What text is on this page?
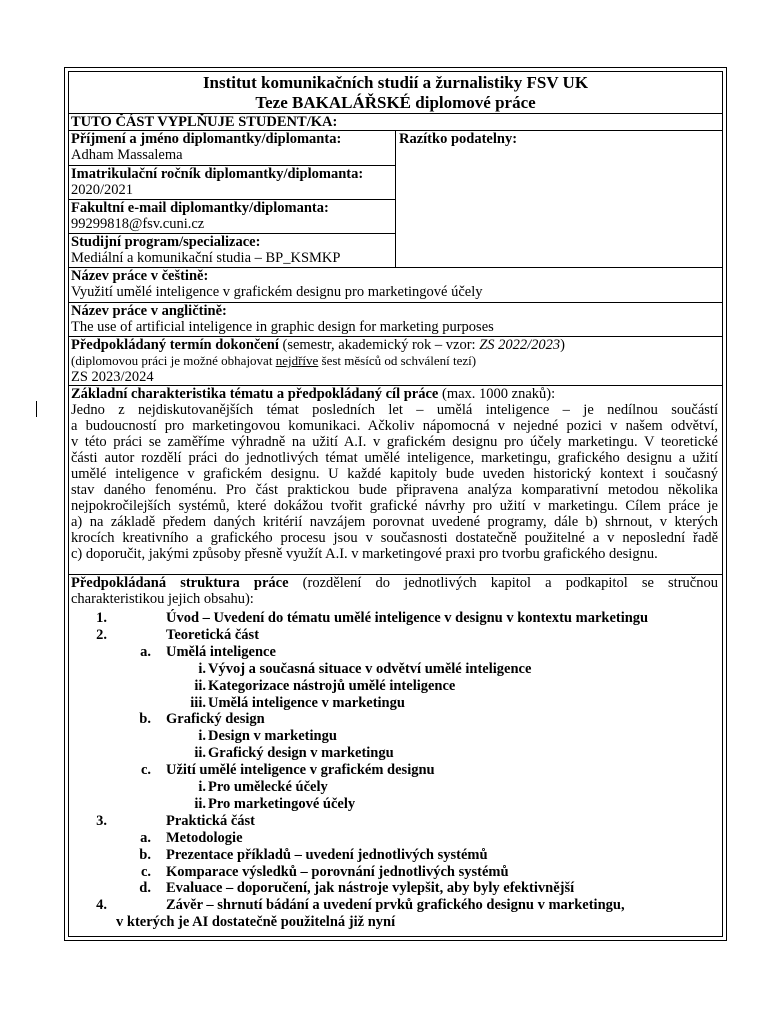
Institut komunikačních studií a žurnalistiky FSV UK
Teze BAKALÁŘSKÉ diplomové práce
TUTO ČÁST VYPLŇUJE STUDENT/KA:
Příjmení a jméno diplomantky/diplomanta:
Adham Massalema
Imatrikulační ročník diplomantky/diplomanta:
2020/2021
Fakultní e-mail diplomantky/diplomanta:
99299818@fsv.cuni.cz
Studijní program/specializace:
Mediální a komunikační studia – BP_KSMKP
Razítko podatelny:
Název práce v češtině:
Využití umělé inteligence v grafickém designu pro marketingové účely
Název práce v angličtině:
The use of artificial inteligence in graphic design for marketing purposes
Předpokládaný termín dokončení (semestr, akademický rok – vzor: ZS 2022/2023)
(diplomovou práci je možné obhajovat nejdříve šest měsíců od schválení tezí)
ZS 2023/2024
Základní charakteristika tématu a předpokládaný cíl práce (max. 1000 znaků):
Jedno z nejdiskutovanějších témat posledních let – umělá inteligence – je nedílnou součástí
a budoucností pro marketingovou komunikaci. Ačkoliv nápomocná v nejedné pozici v našem odvětví,
v této práci se zaměříme výhradně na užití A.I. v grafickém designu pro účely marketingu. V teoretické
části autor rozdělí práci do jednotlivých témat umělé inteligence, marketingu, grafického designu a užití
umělé inteligence v grafickém designu. U každé kapitoly bude uveden historický kontext i současný
stav daného fenoménu. Pro část praktickou bude připravena analýza komparativní metodou několika
nejpokročilejších systémů, které dokážou tvořit grafické návrhy pro užití v marketingu. Cílem práce je
a) na základě předem daných kritérií navzájem porovnat uvedené programy, dále b) shrnout, v kterých
krocích kreativního a grafického procesu jsou v současnosti dostatečně použitelné a v neposlední řadě
c) doporučit, jakými způsoby přesně využít A.I. v marketingové praxi pro tvorbu grafického designu.
Předpokládaná struktura práce (rozdělení do jednotlivých kapitol a podkapitol se stručnou
charakteristikou jejich obsahu):
1.	Úvod – Uvedení do tématu umělé inteligence v designu v kontextu marketingu
2.	Teoretická část
a. Umělá inteligence
i. Vývoj a současná situace v odvětví umělé inteligence
ii. Kategorizace nástrojů umělé inteligence
iii. Umělá inteligence v marketingu
b. Grafický design
i. Design v marketingu
ii. Grafický design v marketingu
c. Užití umělé inteligence v grafickém designu
i. Pro umělecké účely
ii. Pro marketingové účely
3.	Praktická část
a. Metodologie
b. Prezentace příkladů – uvedení jednotlivých systémů
c. Komparace výsledků – porovnání jednotlivých systémů
d. Evaluace – doporučení, jak nástroje vylepšit, aby byly efektivnější
4.	Závěr – shrnutí bádání a uvedení prvků grafického designu v marketingu,
v kterých je AI dostatečně použitelná již nyní
